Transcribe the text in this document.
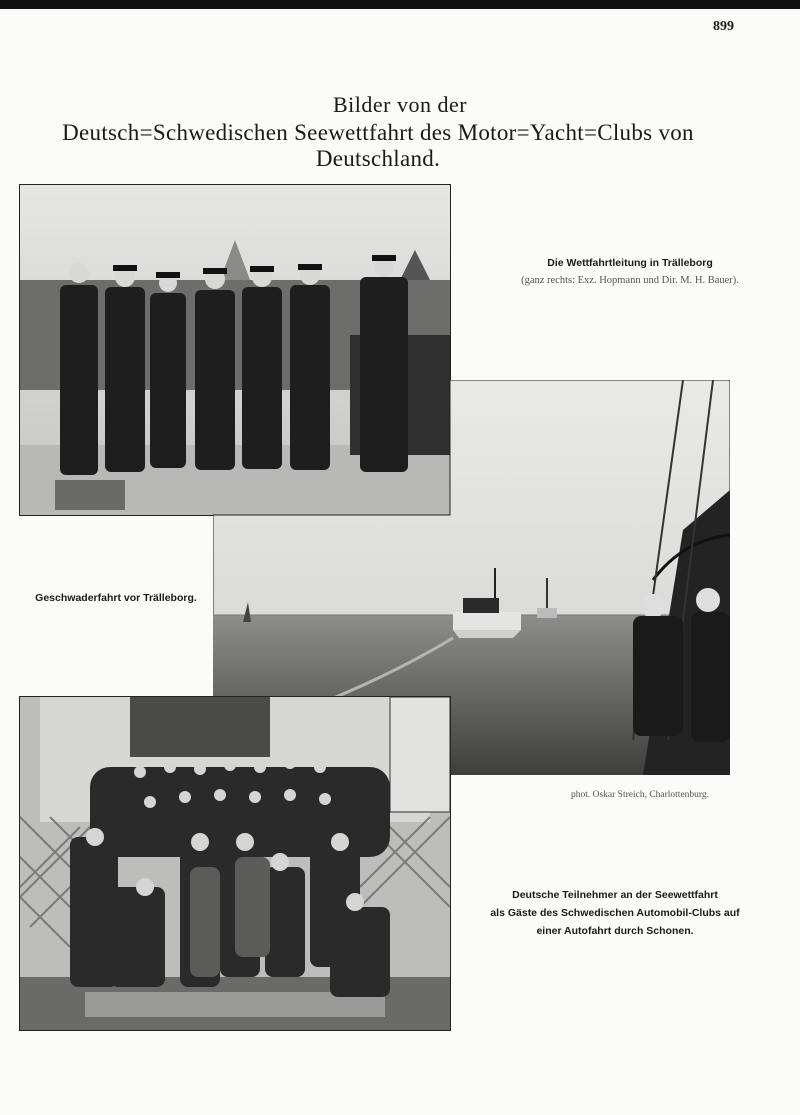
899
Bilder von der
Deutsch=Schwedischen Seewettfahrt des Motor=Yacht=Clubs von Deutschland.
Die Wettfahrtleitung in Trälleborg
(ganz rechts: Exz. Hopmann und Dir. M. H. Bauer).
Geschwaderfahrt vor Trälleborg.
phot. Oskar Streich, Charlottenburg.
Deutsche Teilnehmer an der Seewettfahrt
als Gäste des Schwedischen Automobil-Clubs auf
einer Autofahrt durch Schonen.
